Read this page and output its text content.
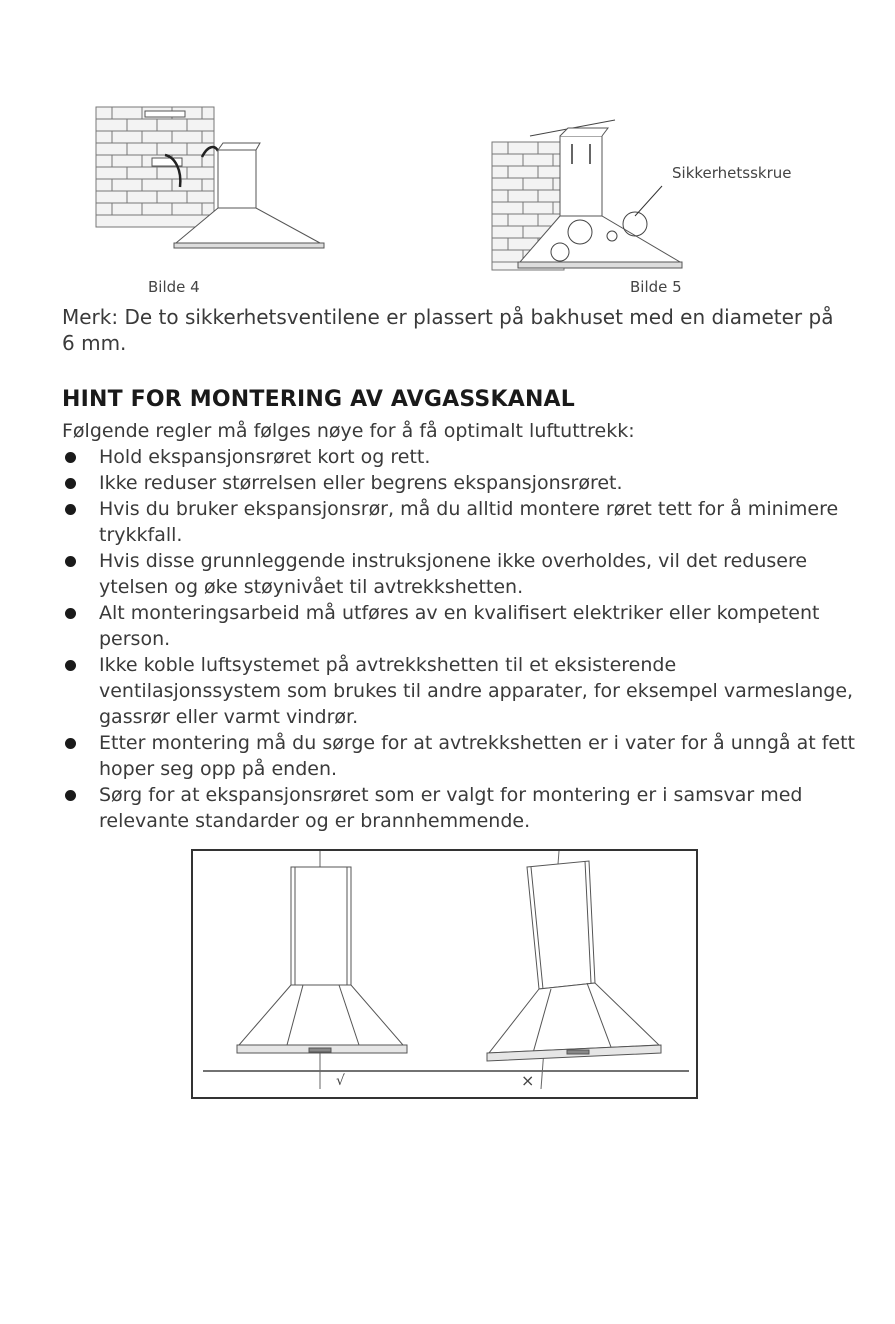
Bilde 4
Sikkerhetsskrue
Bilde 5
Merk: De to sikkerhetsventilene er plassert på bakhuset med en diameter på 6 mm.
HINT FOR MONTERING AV AVGASSKANAL
Følgende regler må følges nøye for å få optimalt luftuttrekk:
Hold ekspansjonsrøret kort og rett.
Ikke reduser størrelsen eller begrens ekspansjonsrøret.
Hvis du bruker ekspansjonsrør, må du alltid montere røret tett for å minimere trykkfall.
Hvis disse grunnleggende instruksjonene ikke overholdes, vil det redusere ytelsen og øke støynivået til avtrekkshetten.
Alt monteringsarbeid må utføres av en kvalifisert elektriker eller kompetent person.
Ikke koble luftsystemet på avtrekkshetten til et eksisterende ventilasjonssystem som brukes til andre apparater, for eksempel varmeslange, gassrør eller varmt vindrør.
Etter montering må du sørge for at avtrekkshetten er i vater for å unngå at fett hoper seg opp på enden.
Sørg for at ekspansjonsrøret som er valgt for montering er i samsvar med relevante standarder og er brannhemmende.
√	×
